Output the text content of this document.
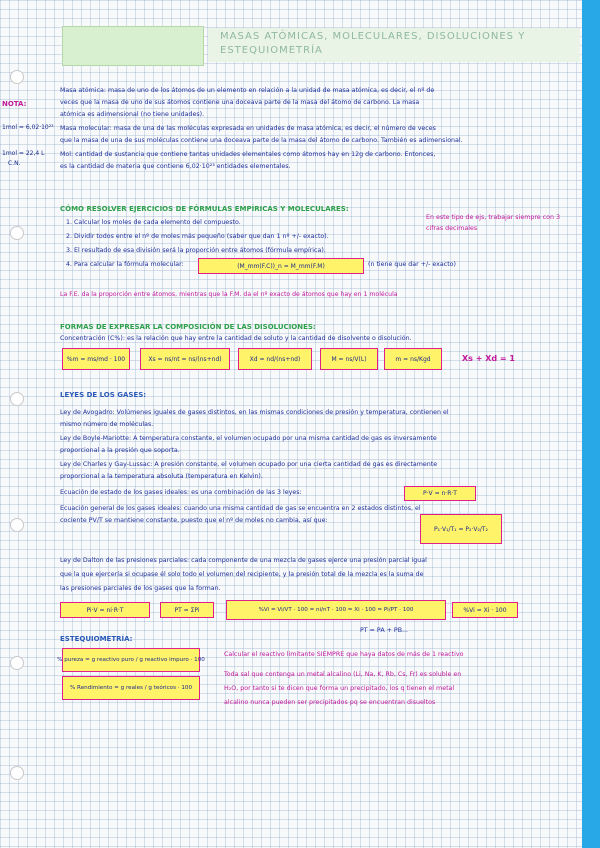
MASAS ATÓMICAS, MOLECULARES, DISOLUCIONES Y ESTEQUIOMETRÍA
NOTA:
1mol = 6,02·10²³
1mol = 22,4 L
C.N.
Masa atómica: masa de uno de los átomos de un elemento en relación a la unidad de masa atómica, es decir, el nº de
veces que la masa de uno de sus átomos contiene una doceava parte de la masa del átomo de carbono. La masa
atómica es adimensional (no tiene unidades).
Masa molecular: masa de una de las moléculas expresada en unidades de masa atómica, es decir, el número de veces
que la masa de una de sus moléculas contiene una doceava parte de la masa del átomo de carbono. También es adimensional.
Mol: cantidad de sustancia que contiene tantas unidades elementales como átomos hay en 12g de carbono. Entonces,
es la cantidad de materia que contiene 6,02·10²³ entidades elementales.
CÓMO RESOLVER EJERCICIOS DE FÓRMULAS EMPÍRICAS Y MOLECULARES:
1. Calcular los moles de cada elemento del compuesto.
2. Dividir todos entre el nº de moles más pequeño (saber que dan 1 nº +/- exacto).
3. El resultado de esa división será la proporción entre átomos (fórmula empírica).
4. Para calcular la fórmula molecular:	(M_mm(F.C))_n = M_mm(F.M)	(n tiene que dar +/- exacto)
En este tipo de ejs, trabajar siempre con 3 cifras decimales
La F.E. da la proporción entre átomos, mientras que la F.M. da el nº exacto de átomos que hay en 1 molécula
FORMAS DE EXPRESAR LA COMPOSICIÓN DE LAS DISOLUCIONES:
Concentración (C%): es la relación que hay entre la cantidad de soluto y la cantidad de disolvente o disolución.
%m = ms/md · 100	Xs = ns/nt = ns/(ns+nd)	Xd = nd/(ns+nd)	M = ns/V(L)	m = ns/Kgd	Xs + Xd = 1
LEYES DE LOS GASES:
Ley de Avogadro: Volúmenes iguales de gases distintos, en las mismas condiciones de presión y temperatura, contienen el
mismo número de moléculas.
Ley de Boyle-Mariotte: A temperatura constante, el volumen ocupado por una misma cantidad de gas es inversamente
proporcional a la presión que soporta.
Ley de Charles y Gay-Lussac: A presión constante, el volumen ocupado por una cierta cantidad de gas es directamente
proporcional a la temperatura absoluta (temperatura en Kelvin).
Ecuación de estado de los gases ideales: es una combinación de las 3 leyes:	P·V = n·R·T
Ecuación general de los gases ideales: cuando una misma cantidad de gas se encuentra en 2 estados distintos, el
cociente PV/T se mantiene constante, puesto que el nº de moles no cambia, así que:
P₁·V₁/T₁ = P₂·V₂/T₂
Ley de Dalton de las presiones parciales: cada componente de una mezcla de gases ejerce una presión parcial igual
que la que ejercería si ocupase él solo todo el volumen del recipiente, y la presión total de la mezcla es la suma de
las presiones parciales de los gases que la forman.
Pi·V = ni·R·T	PT = ΣPi	%Vi = Vi/VT · 100 = ni/nT · 100 = Xi · 100 = Pi/PT · 100	%Vi = Xi · 100
PT = PA + PB...
ESTEQUIOMETRÍA:
% pureza = g reactivo puro / g reactivo impuro · 100
% Rendimiento = g reales / g teóricos · 100
Calcular el reactivo limitante SIEMPRE que haya datos de más de 1 reactivo
Toda sal que contenga un metal alcalino (Li, Na, K, Rb, Cs, Fr) es soluble en
H₂O, por tanto si te dicen que forma un precipitado, los q tienen el metal
alcalino nunca pueden ser precipitados pq se encuentran disueltos
